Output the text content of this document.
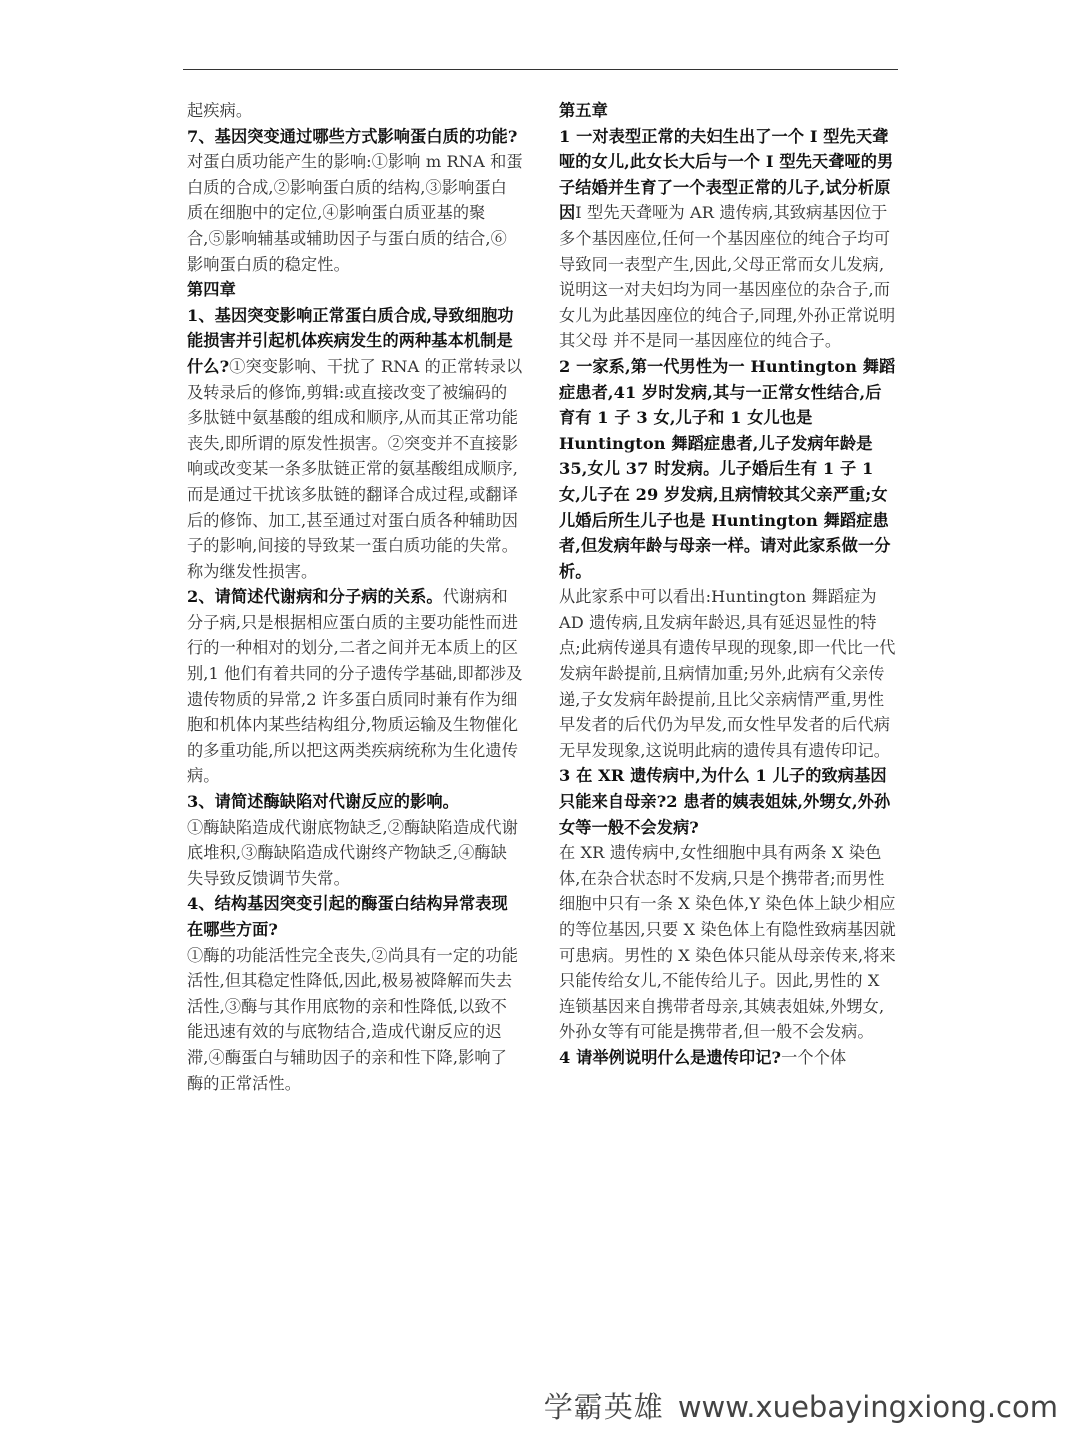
起疾病。

7、基因突变通过哪些方式影响蛋白质的功能?

对蛋白质功能产生的影响:①影响 m RNA 和蛋白质的合成,②影响蛋白质的结构,③影响蛋白质在细胞中的定位,④影响蛋白质亚基的聚合,⑤影响辅基或辅助因子与蛋白质的结合,⑥影响蛋白质的稳定性。

第四章

1、基因突变影响正常蛋白质合成,导致细胞功能损害并引起机体疾病发生的两种基本机制是什么?①突变影响、干扰了 RNA 的正常转录以及转录后的修饰,剪辑:或直接改变了被编码的多肽链中氨基酸的组成和顺序,从而其正常功能丧失,即所谓的原发性损害。②突变并不直接影响或改变某一条多肽链正常的氨基酸组成顺序,而是通过干扰该多肽链的翻译合成过程,或翻译后的修饰、加工,甚至通过对蛋白质各种辅助因子的影响,间接的导致某一蛋白质功能的失常。称为继发性损害。

2、请简述代谢病和分子病的关系。代谢病和分子病,只是根据相应蛋白质的主要功能性而进行的一种相对的划分,二者之间并无本质上的区别,1 他们有着共同的分子遗传学基础,即都涉及遗传物质的异常,2 许多蛋白质同时兼有作为细胞和机体内某些结构组分,物质运输及生物催化的多重功能,所以把这两类疾病统称为生化遗传病。

3、请简述酶缺陷对代谢反应的影响。

①酶缺陷造成代谢底物缺乏,②酶缺陷造成代谢底堆积,③酶缺陷造成代谢终产物缺乏,④酶缺失导致反馈调节失常。

4、结构基因突变引起的酶蛋白结构异常表现在哪些方面?

①酶的功能活性完全丧失,②尚具有一定的功能活性,但其稳定性降低,因此,极易被降解而失去活性,③酶与其作用底物的亲和性降低,以致不能迅速有效的与底物结合,造成代谢反应的迟滞,④酶蛋白与辅助因子的亲和性下降,影响了酶的正常活性。

第五章

1 一对表型正常的夫妇生出了一个 I 型先天聋哑的女儿,此女长大后与一个 I 型先天聋哑的男子结婚并生育了一个表型正常的儿子,试分析原因I 型先天聋哑为 AR 遗传病,其致病基因位于多个基因座位,任何一个基因座位的纯合子均可导致同一表型产生,因此,父母正常而女儿发病,说明这一对夫妇均为同一基因座位的杂合子,而女儿为此基因座位的纯合子,同理,外孙正常说明其父母 并不是同一基因座位的纯合子。

2 一家系,第一代男性为一 Huntington 舞蹈症患者,41 岁时发病,其与一正常女性结合,后育有 1 子 3 女,儿子和 1 女儿也是 Huntington 舞蹈症患者,儿子发病年龄是 35,女儿 37 时发病。儿子婚后生有 1 子 1 女,儿子在 29 岁发病,且病情较其父亲严重;女儿婚后所生儿子也是 Huntington 舞蹈症患者,但发病年龄与母亲一样。请对此家系做一分析。

从此家系中可以看出:Huntington 舞蹈症为 AD 遗传病,且发病年龄迟,具有延迟显性的特点;此病传递具有遗传早现的现象,即一代比一代发病年龄提前,且病情加重;另外,此病有父亲传递,子女发病年龄提前,且比父亲病情严重,男性早发者的后代仍为早发,而女性早发者的后代病无早发现象,这说明此病的遗传具有遗传印记。

3 在 XR 遗传病中,为什么 1 儿子的致病基因只能来自母亲?2 患者的姨表姐妹,外甥女,外孙女等一般不会发病?

在 XR 遗传病中,女性细胞中具有两条 X 染色体,在杂合状态时不发病,只是个携带者;而男性细胞中只有一条 X 染色体,Y 染色体上缺少相应的等位基因,只要 X 染色体上有隐性致病基因就可患病。男性的 X 染色体只能从母亲传来,将来只能传给女儿,不能传给儿子。因此,男性的 X 连锁基因来自携带者母亲,其姨表姐妹,外甥女,外孙女等有可能是携带者,但一般不会发病。

4 请举例说明什么是遗传印记?一个个体

学霸英雄 www.xuebayingxiong.com
